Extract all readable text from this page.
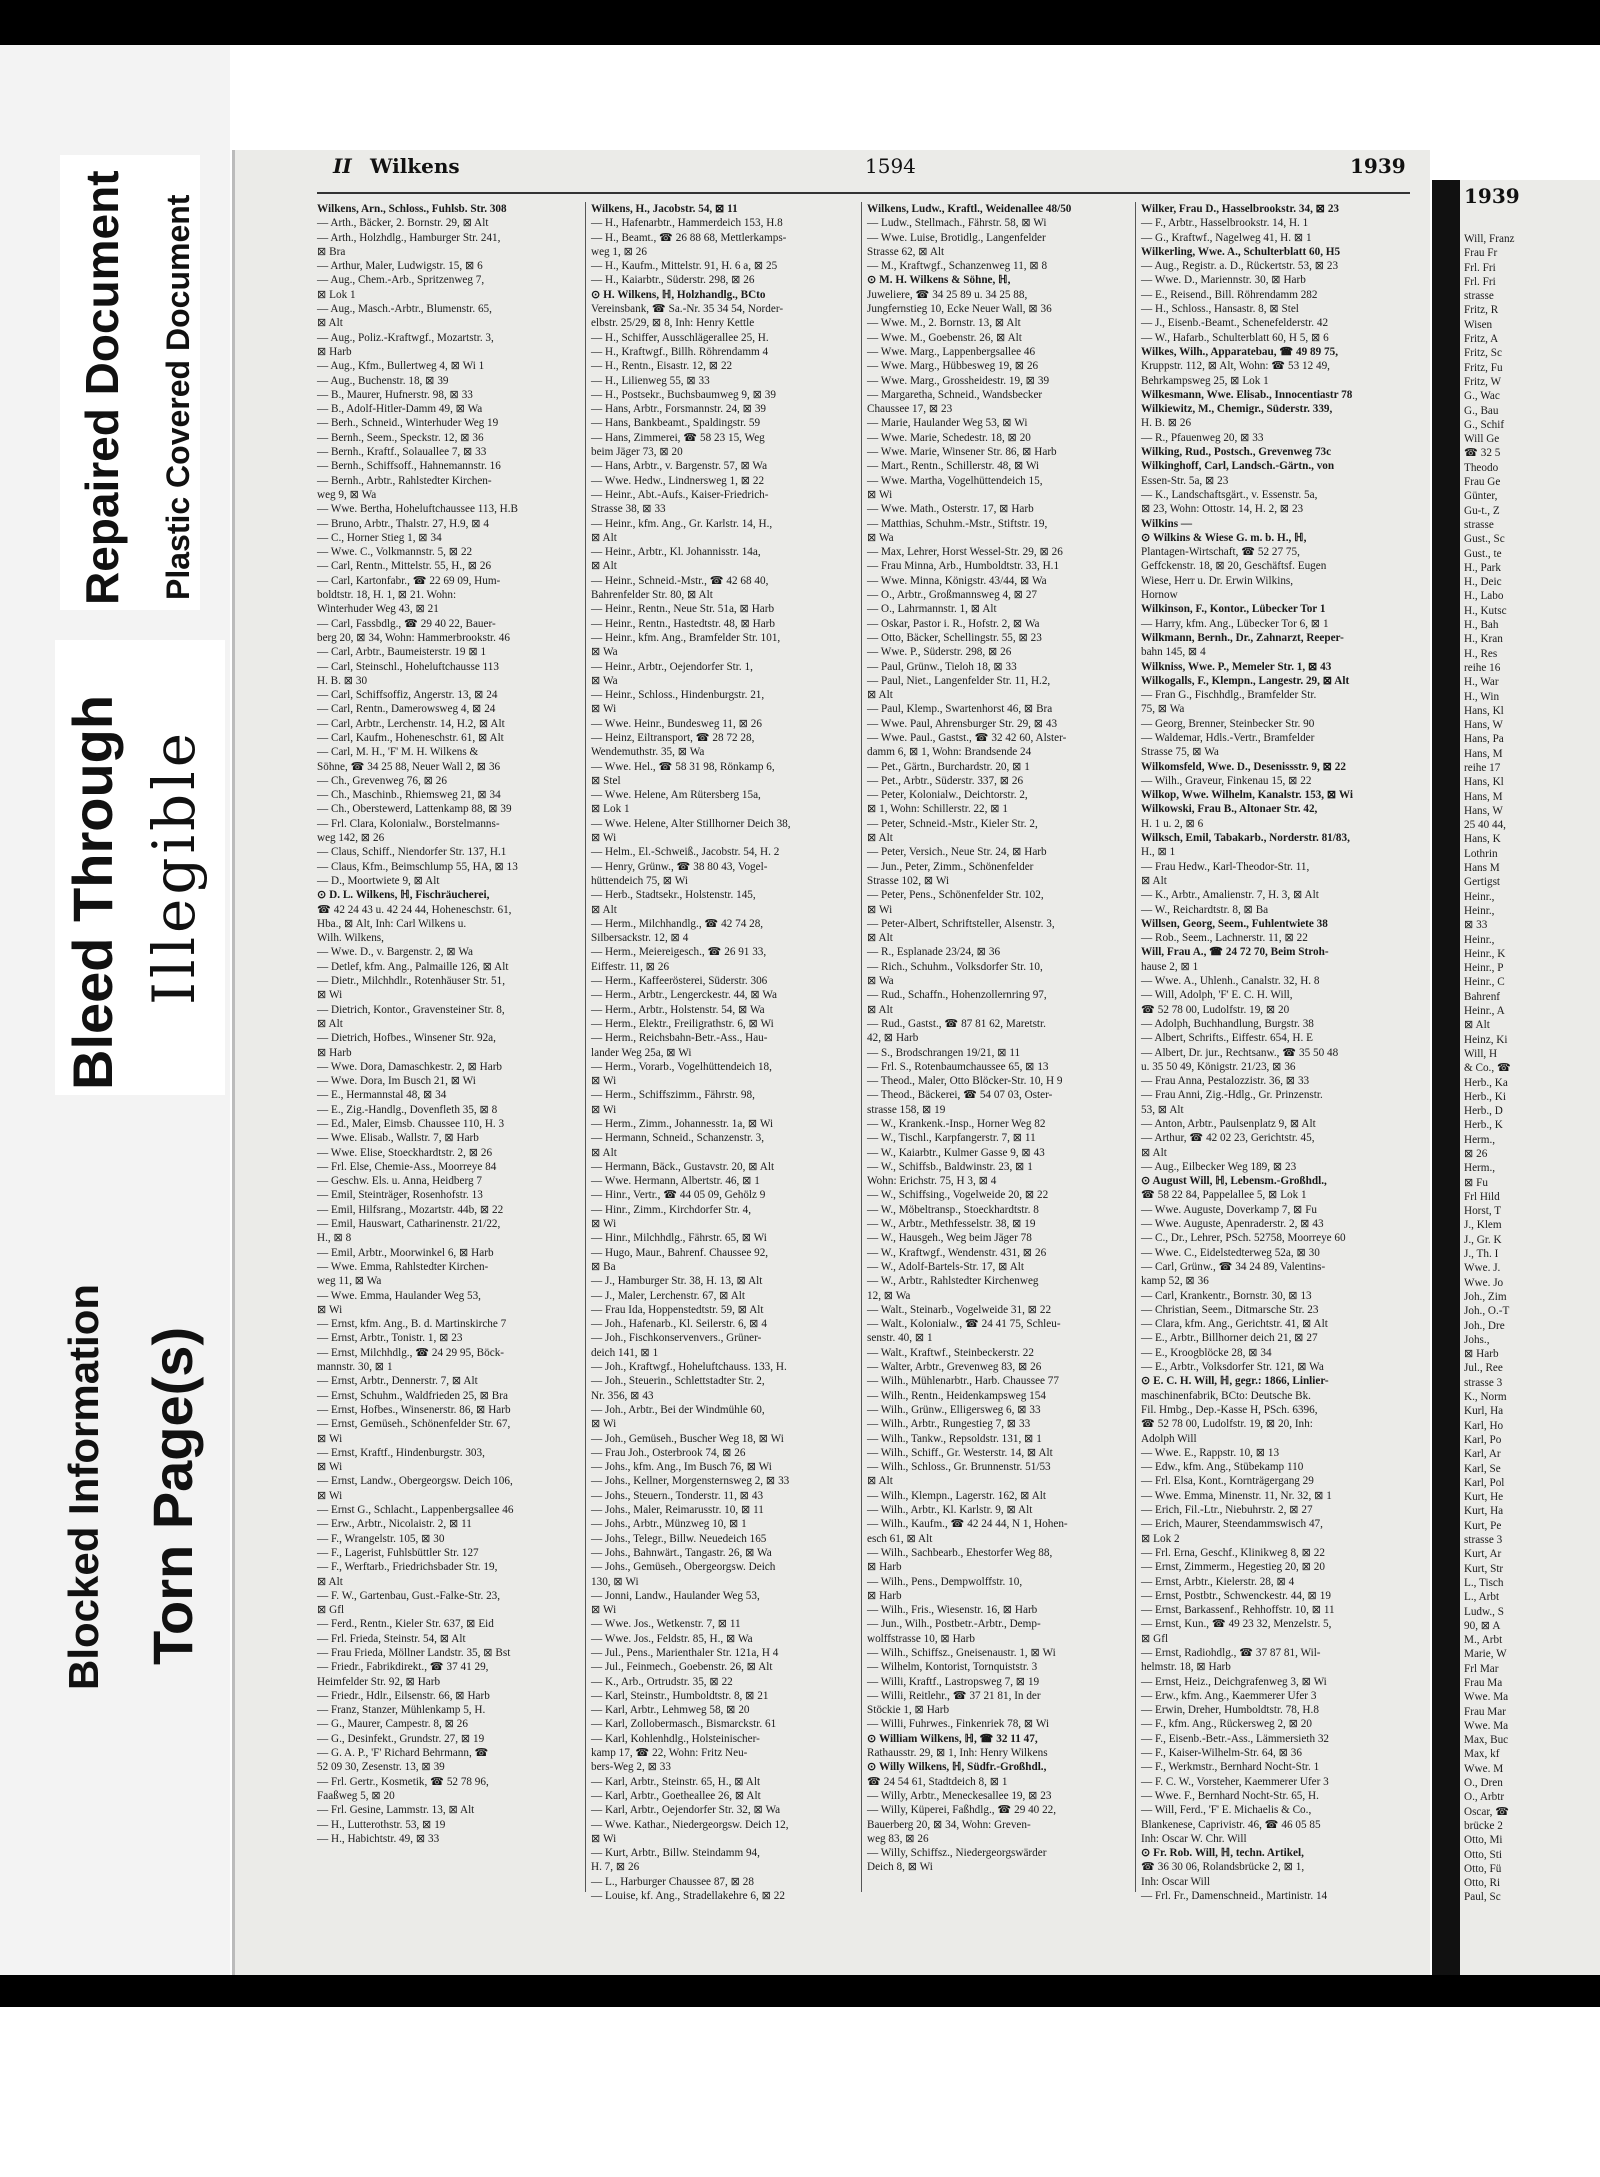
Repaired Document Plastic Covered Document
Bleed Through Illegible
Blocked Information Torn Page(s)
II Wilkens	1594	1939
Wilkens, Arn., Schloss., Fuhlsb. Str. 308
— Arth., Bäcker, 2. Bornstr. 29, ⊠ Alt
— Arth., Holzhdlg., Hamburger Str. 241,
⊠ Bra
— Arthur, Maler, Ludwigstr. 15, ⊠ 6
— Aug., Chem.-Arb., Spritzenweg 7,
⊠ Lok 1
— Aug., Masch.-Arbtr., Blumenstr. 65,
⊠ Alt
— Aug., Poliz.-Kraftwgf., Mozartstr. 3,
⊠ Harb
— Aug., Kfm., Bullertweg 4, ⊠ Wi 1
— Aug., Buchenstr. 18, ⊠ 39
— B., Maurer, Hufnerstr. 98, ⊠ 33
— B., Adolf-Hitler-Damm 49, ⊠ Wa
— Berh., Schneid., Winterhuder Weg 19
— Bernh., Seem., Speckstr. 12, ⊠ 36
— Bernh., Kraftf., Solauallee 7, ⊠ 33
— Bernh., Schiffsoff., Hahnemannstr. 16
— Bernh., Arbtr., Rahlstedter Kirchen-
weg 9, ⊠ Wa
— Wwe. Bertha, Hoheluftchaussee 113, H.B
— Bruno, Arbtr., Thalstr. 27, H.9, ⊠ 4
— C., Horner Stieg 1, ⊠ 34
— Wwe. C., Volkmannstr. 5, ⊠ 22
— Carl, Rentn., Mittelstr. 55, H., ⊠ 26
— Carl, Kartonfabr., ☎ 22 69 09, Hum-
boldtstr. 18, H. 1, ⊠ 21. Wohn:
Winterhuder Weg 43, ⊠ 21
— Carl, Fassbdlg., ☎ 29 40 22, Bauer-
berg 20, ⊠ 34, Wohn: Hammerbrookstr. 46
— Carl, Arbtr., Baumeisterstr. 19 ⊠ 1
— Carl, Steinschl., Hoheluftchausse 113
H. B. ⊠ 30
— Carl, Schiffsoffiz, Angerstr. 13, ⊠ 24
— Carl, Rentn., Damerowsweg 4, ⊠ 24
— Carl, Arbtr., Lerchenstr. 14, H.2, ⊠ Alt
— Carl, Kaufm., Hoheneschstr. 61, ⊠ Alt
— Carl, M. H., 'F' M. H. Wilkens &
Söhne, ☎ 34 25 88, Neuer Wall 2, ⊠ 36
— Ch., Grevenweg 76, ⊠ 26
— Ch., Maschinb., Rhiemsweg 21, ⊠ 34
— Ch., Oberstewerd, Lattenkamp 88, ⊠ 39
— Frl. Clara, Kolonialw., Borstelmanns-
weg 142, ⊠ 26
— Claus, Schiff., Niendorfer Str. 137, H.1
— Claus, Kfm., Beimschlump 55, HA, ⊠ 13
— D., Moortwiete 9, ⊠ Alt
⊙ D. L. Wilkens, ℍ, Fischräucherei,
☎ 42 24 43 u. 42 24 44, Hoheneschstr. 61,
Hba., ⊠ Alt, Inh: Carl Wilkens u.
Wilh. Wilkens,
— Wwe. D., v. Bargenstr. 2, ⊠ Wa
— Detlef, kfm. Ang., Palmaille 126, ⊠ Alt
— Dietr., Milchhdlr., Rotenhäuser Str. 51,
⊠ Wi
— Dietrich, Kontor., Gravensteiner Str. 8,
⊠ Alt
— Dietrich, Hofbes., Winsener Str. 92a,
⊠ Harb
— Wwe. Dora, Damaschkestr. 2, ⊠ Harb
— Wwe. Dora, Im Busch 21, ⊠ Wi
— E., Hermannstal 48, ⊠ 34
— E., Zig.-Handlg., Dovenfleth 35, ⊠ 8
— Ed., Maler, Eimsb. Chaussee 110, H. 3
— Wwe. Elisab., Wallstr. 7, ⊠ Harb
— Wwe. Elise, Stoeckhardtstr. 2, ⊠ 26
— Frl. Else, Chemie-Ass., Moorreye 84
— Geschw. Els. u. Anna, Heidberg 7
— Emil, Steinträger, Rosenhofstr. 13
— Emil, Hilfsrang., Mozartstr. 44b, ⊠ 22
— Emil, Hauswart, Catharinenstr. 21/22,
H., ⊠ 8
— Emil, Arbtr., Moorwinkel 6, ⊠ Harb
— Wwe. Emma, Rahlstedter Kirchen-
weg 11, ⊠ Wa
— Wwe. Emma, Haulander Weg 53,
⊠ Wi
— Ernst, kfm. Ang., B. d. Martinskirche 7
— Ernst, Arbtr., Tonistr. 1, ⊠ 23
— Ernst, Milchhdlg., ☎ 24 29 95, Böck-
mannstr. 30, ⊠ 1
— Ernst, Arbtr., Dennerstr. 7, ⊠ Alt
— Ernst, Schuhm., Waldfrieden 25, ⊠ Bra
— Ernst, Hofbes., Winsenerstr. 86, ⊠ Harb
— Ernst, Gemüseh., Schönenfelder Str. 67,
⊠ Wi
— Ernst, Kraftf., Hindenburgstr. 303,
⊠ Wi
— Ernst, Landw., Obergeorgsw. Deich 106,
⊠ Wi
— Ernst G., Schlacht., Lappenbergsallee 46
— Erw., Arbtr., Nicolaistr. 2, ⊠ 11
— F., Wrangelstr. 105, ⊠ 30
— F., Lagerist, Fuhlsbüttler Str. 127
— F., Werftarb., Friedrichsbader Str. 19,
⊠ Alt
— F. W., Gartenbau, Gust.-Falke-Str. 23,
⊠ Gfl
— Ferd., Rentn., Kieler Str. 637, ⊠ Eid
— Frl. Frieda, Steinstr. 54, ⊠ Alt
— Frau Frieda, Möllner Landstr. 35, ⊠ Bst
— Friedr., Fabrikdirekt., ☎ 37 41 29,
Heimfelder Str. 92, ⊠ Harb
— Friedr., Hdlr., Eilsenstr. 66, ⊠ Harb
— Franz, Stanzer, Mühlenkamp 5, H.
— G., Maurer, Campestr. 8, ⊠ 26
— G., Desinfekt., Grundstr. 27, ⊠ 19
— G. A. P., 'F' Richard Behrmann, ☎
52 09 30, Zesenstr. 13, ⊠ 39
— Frl. Gertr., Kosmetik, ☎ 52 78 96,
Faaßweg 5, ⊠ 20
— Frl. Gesine, Lammstr. 13, ⊠ Alt
— H., Lutterothstr. 53, ⊠ 19
— H., Habichtstr. 49, ⊠ 33
Wilkens, H., Jacobstr. 54, ⊠ 11
— H., Hafenarbtr., Hammerdeich 153, H.8
— H., Beamt., ☎ 26 88 68, Mettlerkamps-
weg 1, ⊠ 26
— H., Kaufm., Mittelstr. 91, H. 6 a, ⊠ 25
— H., Kaiarbtr., Süderstr. 298, ⊠ 26
⊙ H. Wilkens, ℍ, Holzhandlg., BCto
Vereinsbank, ☎ Sa.-Nr. 35 34 54, Norder-
elbstr. 25/29, ⊠ 8, Inh: Henry Kettle
— H., Schiffer, Ausschlägerallee 25, H.
— H., Kraftwgf., Billh. Röhrendamm 4
— H., Rentn., Eisastr. 12, ⊠ 22
— H., Lilienweg 55, ⊠ 33
— H., Postsekr., Buchsbaumweg 9, ⊠ 39
— Hans, Arbtr., Forsmannstr. 24, ⊠ 39
— Hans, Bankbeamt., Spaldingstr. 59
— Hans, Zimmerei, ☎ 58 23 15, Weg
beim Jäger 73, ⊠ 20
— Hans, Arbtr., v. Bargenstr. 57, ⊠ Wa
— Wwe. Hedw., Lindnersweg 1, ⊠ 22
— Heinr., Abt.-Aufs., Kaiser-Friedrich-
Strasse 38, ⊠ 33
— Heinr., kfm. Ang., Gr. Karlstr. 14, H.,
⊠ Alt
— Heinr., Arbtr., Kl. Johannisstr. 14a,
⊠ Alt
— Heinr., Schneid.-Mstr., ☎ 42 68 40,
Bahrenfelder Str. 80, ⊠ Alt
— Heinr., Rentn., Neue Str. 51a, ⊠ Harb
— Heinr., Rentn., Hastedtstr. 48, ⊠ Harb
— Heinr., kfm. Ang., Bramfelder Str. 101,
⊠ Wa
— Heinr., Arbtr., Oejendorfer Str. 1,
⊠ Wa
— Heinr., Schloss., Hindenburgstr. 21,
⊠ Wi
— Wwe. Heinr., Bundesweg 11, ⊠ 26
— Heinz, Eiltransport, ☎ 28 72 28,
Wendemuthstr. 35, ⊠ Wa
— Wwe. Hel., ☎ 58 31 98, Rönkamp 6,
⊠ Stel
— Wwe. Helene, Am Rütersberg 15a,
⊠ Lok 1
— Wwe. Helene, Alter Stillhorner Deich 38,
⊠ Wi
— Helm., El.-Schweiß., Jacobstr. 54, H. 2
— Henry, Grünw., ☎ 38 80 43, Vogel-
hüttendeich 75, ⊠ Wi
— Herb., Stadtsekr., Holstenstr. 145,
⊠ Alt
— Herm., Milchhandlg., ☎ 42 74 28,
Silbersackstr. 12, ⊠ 4
— Herm., Meiereigesch., ☎ 26 91 33,
Eiffestr. 11, ⊠ 26
— Herm., Kaffeerösterei, Süderstr. 306
— Herm., Arbtr., Lengerckestr. 44, ⊠ Wa
— Herm., Arbtr., Holstenstr. 54, ⊠ Wa
— Herm., Elektr., Freiligrathstr. 6, ⊠ Wi
— Herm., Reichsbahn-Betr.-Ass., Hau-
lander Weg 25a, ⊠ Wi
— Herm., Vorarb., Vogelhüttendeich 18,
⊠ Wi
— Herm., Schiffszimm., Fährstr. 98,
⊠ Wi
— Herm., Zimm., Johannesstr. 1a, ⊠ Wi
— Hermann, Schneid., Schanzenstr. 3,
⊠ Alt
— Hermann, Bäck., Gustavstr. 20, ⊠ Alt
— Wwe. Hermann, Albertstr. 46, ⊠ 1
— Hinr., Vertr., ☎ 44 05 09, Gehölz 9
— Hinr., Zimm., Kirchdorfer Str. 4,
⊠ Wi
— Hinr., Milchhdlg., Fährstr. 65, ⊠ Wi
— Hugo, Maur., Bahrenf. Chaussee 92,
⊠ Ba
— J., Hamburger Str. 38, H. 13, ⊠ Alt
— J., Maler, Lerchenstr. 67, ⊠ Alt
— Frau Ida, Hoppenstedtstr. 59, ⊠ Alt
— Joh., Hafenarb., Kl. Seilerstr. 6, ⊠ 4
— Joh., Fischkonservenvers., Grüner-
deich 141, ⊠ 1
— Joh., Kraftwgf., Hoheluftchauss. 133, H.
— Joh., Steuerin., Schlettstadter Str. 2,
Nr. 356, ⊠ 43
— Joh., Arbtr., Bei der Windmühle 60,
⊠ Wi
— Joh., Gemüseh., Buscher Weg 18, ⊠ Wi
— Frau Joh., Osterbrook 74, ⊠ 26
— Johs., kfm. Ang., Im Busch 76, ⊠ Wi
— Johs., Kellner, Morgensternsweg 2, ⊠ 33
— Johs., Steuern., Tonderstr. 11, ⊠ 43
— Johs., Maler, Reimarusstr. 10, ⊠ 11
— Johs., Arbtr., Münzweg 10, ⊠ 1
— Johs., Telegr., Billw. Neuedeich 165
— Johs., Bahnwärt., Tangastr. 26, ⊠ Wa
— Johs., Gemüseh., Obergeorgsw. Deich
130, ⊠ Wi
— Jonni, Landw., Haulander Weg 53,
⊠ Wi
— Wwe. Jos., Wetkenstr. 7, ⊠ 11
— Wwe. Jos., Feldstr. 85, H., ⊠ Wa
— Jul., Pens., Marienthaler Str. 121a, H 4
— Jul., Feinmech., Goebenstr. 26, ⊠ Alt
— K., Arb., Ortrudstr. 35, ⊠ 22
— Karl, Steinstr., Humboldtstr. 8, ⊠ 21
— Karl, Arbtr., Lehmweg 58, ⊠ 20
— Karl, Zollobermasch., Bismarckstr. 61
— Karl, Kohlenhdlg., Holsteinischer-
kamp 17, ☎ 22, Wohn: Fritz Neu-
bers-Weg 2, ⊠ 33
— Karl, Arbtr., Steinstr. 65, H., ⊠ Alt
— Karl, Arbtr., Goetheallee 26, ⊠ Alt
— Karl, Arbtr., Oejendorfer Str. 32, ⊠ Wa
— Wwe. Kathar., Niedergeorgsw. Deich 12,
⊠ Wi
— Kurt, Arbtr., Billw. Steindamm 94,
H. 7, ⊠ 26
— L., Harburger Chaussee 87, ⊠ 28
— Louise, kf. Ang., Stradellakehre 6, ⊠ 22
Wilkens, Ludw., Kraftl., Weidenallee 48/50
— Ludw., Stellmach., Fährstr. 58, ⊠ Wi
— Wwe. Luise, Brotidlg., Langenfelder
Strasse 62, ⊠ Alt
— M., Kraftwgf., Schanzenweg 11, ⊠ 8
⊙ M. H. Wilkens & Söhne, ℍ,
Juweliere, ☎ 34 25 89 u. 34 25 88,
Jungfernstieg 10, Ecke Neuer Wall, ⊠ 36
— Wwe. M., 2. Bornstr. 13, ⊠ Alt
— Wwe. M., Goebenstr. 26, ⊠ Alt
— Wwe. Marg., Lappenbergsallee 46
— Wwe. Marg., Hübbesweg 19, ⊠ 26
— Wwe. Marg., Grossheidestr. 19, ⊠ 39
— Margaretha, Schneid., Wandsbecker
Chaussee 17, ⊠ 23
— Marie, Haulander Weg 53, ⊠ Wi
— Wwe. Marie, Schedestr. 18, ⊠ 20
— Wwe. Marie, Winsener Str. 86, ⊠ Harb
— Mart., Rentn., Schillerstr. 48, ⊠ Wi
— Wwe. Martha, Vogelhüttendeich 15,
⊠ Wi
— Wwe. Math., Osterstr. 17, ⊠ Harb
— Matthias, Schuhm.-Mstr., Stiftstr. 19,
⊠ Wa
— Max, Lehrer, Horst Wessel-Str. 29, ⊠ 26
— Frau Minna, Arb., Humboldtstr. 33, H.1
— Wwe. Minna, Königstr. 43/44, ⊠ Wa
— O., Arbtr., Großmannsweg 4, ⊠ 27
— O., Lahrmannstr. 1, ⊠ Alt
— Oskar, Pastor i. R., Hofstr. 2, ⊠ Wa
— Otto, Bäcker, Schellingstr. 55, ⊠ 23
— Wwe. P., Süderstr. 298, ⊠ 26
— Paul, Grünw., Tieloh 18, ⊠ 33
— Paul, Niet., Langenfelder Str. 11, H.2,
⊠ Alt
— Paul, Klemp., Swartenhorst 46, ⊠ Bra
— Wwe. Paul, Ahrensburger Str. 29, ⊠ 43
— Wwe. Paul., Gastst., ☎ 32 42 60, Alster-
damm 6, ⊠ 1, Wohn: Brandsende 24
— Pet., Gärtn., Burchardstr. 20, ⊠ 1
— Pet., Arbtr., Süderstr. 337, ⊠ 26
— Peter, Kolonialw., Deichtorstr. 2,
⊠ 1, Wohn: Schillerstr. 22, ⊠ 1
— Peter, Schneid.-Mstr., Kieler Str. 2,
⊠ Alt
— Peter, Versich., Neue Str. 24, ⊠ Harb
— Jun., Peter, Zimm., Schönenfelder
Strasse 102, ⊠ Wi
— Peter, Pens., Schönenfelder Str. 102,
⊠ Wi
— Peter-Albert, Schriftsteller, Alsenstr. 3,
⊠ Alt
— R., Esplanade 23/24, ⊠ 36
— Rich., Schuhm., Volksdorfer Str. 10,
⊠ Wa
— Rud., Schaffn., Hohenzollernring 97,
⊠ Alt
— Rud., Gastst., ☎ 87 81 62, Maretstr.
42, ⊠ Harb
— S., Brodschrangen 19/21, ⊠ 11
— Frl. S., Rotenbaumchaussee 65, ⊠ 13
— Theod., Maler, Otto Blöcker-Str. 10, H 9
— Theod., Bäckerei, ☎ 54 07 03, Oster-
strasse 158, ⊠ 19
— W., Krankenk.-Insp., Horner Weg 82
— W., Tischl., Karpfangerstr. 7, ⊠ 11
— W., Kaiarbtr., Kulmer Gasse 9, ⊠ 43
— W., Schiffsb., Baldwinstr. 23, ⊠ 1
Wohn: Erichstr. 75, H 3, ⊠ 4
— W., Schiffsing., Vogelweide 20, ⊠ 22
— W., Möbeltransp., Stoeckhardtstr. 8
— W., Arbtr., Methfesselstr. 38, ⊠ 19
— W., Hausgeh., Weg beim Jäger 78
— W., Kraftwgf., Wendenstr. 431, ⊠ 26
— W., Adolf-Bartels-Str. 17, ⊠ Alt
— W., Arbtr., Rahlstedter Kirchenweg
12, ⊠ Wa
— Walt., Steinarb., Vogelweide 31, ⊠ 22
— Walt., Kolonialw., ☎ 24 41 75, Schleu-
senstr. 40, ⊠ 1
— Walt., Kraftwf., Steinbeckerstr. 22
— Walter, Arbtr., Grevenweg 83, ⊠ 26
— Wilh., Mühlenarbtr., Harb. Chaussee 77
— Wilh., Rentn., Heidenkampsweg 154
— Wilh., Grünw., Elligersweg 6, ⊠ 33
— Wilh., Arbtr., Rungestieg 7, ⊠ 33
— Wilh., Tankw., Repsoldstr. 131, ⊠ 1
— Wilh., Schiff., Gr. Westerstr. 14, ⊠ Alt
— Wilh., Schloss., Gr. Brunnenstr. 51/53
⊠ Alt
— Wilh., Klempn., Lagerstr. 162, ⊠ Alt
— Wilh., Arbtr., Kl. Karlstr. 9, ⊠ Alt
— Wilh., Kaufm., ☎ 42 24 44, N 1, Hohen-
esch 61, ⊠ Alt
— Wilh., Sachbearb., Ehestorfer Weg 88,
⊠ Harb
— Wilh., Pens., Dempwolffstr. 10,
⊠ Harb
— Wilh., Fris., Wiesenstr. 16, ⊠ Harb
— Jun., Wilh., Postbetr.-Arbtr., Demp-
wolffstrasse 10, ⊠ Harb
— Wilh., Schiffsz., Gneisenaustr. 1, ⊠ Wi
— Wilhelm, Kontorist, Tornquiststr. 3
— Willi, Kraftf., Lastropsweg 7, ⊠ 19
— Willi, Reitlehr., ☎ 37 21 81, In der
Stöckie 1, ⊠ Harb
— Willi, Fuhrwes., Finkenriek 78, ⊠ Wi
⊙ William Wilkens, ℍ, ☎ 32 11 47,
Rathausstr. 29, ⊠ 1, Inh: Henry Wilkens
⊙ Willy Wilkens, ℍ, Südfr.-Großhdl.,
☎ 24 54 61, Stadtdeich 8, ⊠ 1
— Willy, Arbtr., Meneckesallee 19, ⊠ 23
— Willy, Küperei, Faßhdlg., ☎ 29 40 22,
Bauerberg 20, ⊠ 34, Wohn: Greven-
weg 83, ⊠ 26
— Willy, Schiffsz., Niedergeorgswärder
Deich 8, ⊠ Wi
Wilker, Frau D., Hasselbrookstr. 34, ⊠ 23
— F., Arbtr., Hasselbrookstr. 14, H. 1
— G., Kraftwf., Nagelweg 41, H. ⊠ 1
Wilkerling, Wwe. A., Schulterblatt 60, H5
— Aug., Registr. a. D., Rückertstr. 53, ⊠ 23
— Wwe. D., Mariennstr. 30, ⊠ Harb
— E., Reisend., Bill. Röhrendamm 282
— H., Schloss., Hansastr. 8, ⊠ Stel
— J., Eisenb.-Beamt., Schenefelderstr. 42
— W., Hafarb., Schulterblatt 60, H 5, ⊠ 6
Wilkes, Wilh., Apparatebau, ☎ 49 89 75,
Kruppstr. 112, ⊠ Alt, Wohn: ☎ 53 12 49,
Behrkampsweg 25, ⊠ Lok 1
Wilkesmann, Wwe. Elisab., Innocentiastr 78
Wilkiewitz, M., Chemigr., Süderstr. 339,
H. B. ⊠ 26
— R., Pfauenweg 20, ⊠ 33
Wilking, Rud., Postsch., Grevenweg 73c
Wilkinghoff, Carl, Landsch.-Gärtn., von
Essen-Str. 5a, ⊠ 23
— K., Landschaftsgärt., v. Essenstr. 5a,
⊠ 23, Wohn: Ottostr. 14, H. 2, ⊠ 23
Wilkins —
⊙ Wilkins & Wiese G. m. b. H., ℍ,
Plantagen-Wirtschaft, ☎ 52 27 75,
Geffckenstr. 18, ⊠ 20, Geschäftsf. Eugen
Wiese, Herr u. Dr. Erwin Wilkins,
Hornow
Wilkinson, F., Kontor., Lübecker Tor 1
— Harry, kfm. Ang., Lübecker Tor 6, ⊠ 1
Wilkmann, Bernh., Dr., Zahnarzt, Reeper-
bahn 145, ⊠ 4
Wilkniss, Wwe. P., Memeler Str. 1, ⊠ 43
Wilkogalls, F., Klempn., Langestr. 29, ⊠ Alt
— Fran G., Fischhdlg., Bramfelder Str.
75, ⊠ Wa
— Georg, Brenner, Steinbecker Str. 90
— Waldemar, Hdls.-Vertr., Bramfelder
Strasse 75, ⊠ Wa
Wilkomsfeld, Wwe. D., Desenissstr. 9, ⊠ 22
— Wilh., Graveur, Finkenau 15, ⊠ 22
Wilkop, Wwe. Wilhelm, Kanalstr. 153, ⊠ Wi
Wilkowski, Frau B., Altonaer Str. 42,
H. 1 u. 2, ⊠ 6
Wilksch, Emil, Tabakarb., Norderstr. 81/83,
H., ⊠ 1
— Frau Hedw., Karl-Theodor-Str. 11,
⊠ Alt
— K., Arbtr., Amalienstr. 7, H. 3, ⊠ Alt
— W., Reichardtstr. 8, ⊠ Ba
Willsen, Georg, Seem., Fuhlentwiete 38
— Rob., Seem., Lachnerstr. 11, ⊠ 22
Will, Frau A., ☎ 24 72 70, Beim Stroh-
hause 2, ⊠ 1
— Wwe. A., Uhlenh., Canalstr. 32, H. 8
— Will, Adolph, 'F' E. C. H. Will,
☎ 52 78 00, Ludolfstr. 19, ⊠ 20
— Adolph, Buchhandlung, Burgstr. 38
— Albert, Schrifts., Eiffestr. 654, H. E
— Albert, Dr. jur., Rechtsanw., ☎ 35 50 48
u. 35 50 49, Königstr. 21/23, ⊠ 36
— Frau Anna, Pestalozzistr. 36, ⊠ 33
— Frau Anni, Zig.-Hdlg., Gr. Prinzenstr.
53, ⊠ Alt
— Anton, Arbtr., Paulsenplatz 9, ⊠ Alt
— Arthur, ☎ 42 02 23, Gerichtstr. 45,
⊠ Alt
— Aug., Eilbecker Weg 189, ⊠ 23
⊙ August Will, ℍ, Lebensm.-Großhdl.,
☎ 58 22 84, Pappelallee 5, ⊠ Lok 1
— Wwe. Auguste, Doverkamp 7, ⊠ Fu
— Wwe. Auguste, Apenraderstr. 2, ⊠ 43
— C., Dr., Lehrer, PSch. 52758, Moorreye 60
— Wwe. C., Eidelstedterweg 52a, ⊠ 30
— Carl, Grünw., ☎ 34 24 89, Valentins-
kamp 52, ⊠ 36
— Carl, Krankentr., Bornstr. 30, ⊠ 13
— Christian, Seem., Ditmarsche Str. 23
— Clara, kfm. Ang., Gerichtstr. 41, ⊠ Alt
— E., Arbtr., Billhorner deich 21, ⊠ 27
— E., Kroogblöcke 28, ⊠ 34
— E., Arbtr., Volksdorfer Str. 121, ⊠ Wa
⊙ E. C. H. Will, ℍ, gegr.: 1866, Linlier-
maschinenfabrik, BCto: Deutsche Bk.
Fil. Hmbg., Dep.-Kasse H, PSch. 6396,
☎ 52 78 00, Ludolfstr. 19, ⊠ 20, Inh:
Adolph Will
— Wwe. E., Rappstr. 10, ⊠ 13
— Edw., kfm. Ang., Stübekamp 110
— Frl. Elsa, Kont., Kornträgergang 29
— Wwe. Emma, Minenstr. 11, Nr. 32, ⊠ 1
— Erich, Fil.-Ltr., Niebuhrstr. 2, ⊠ 27
— Erich, Maurer, Steendammswisch 47,
⊠ Lok 2
— Frl. Erna, Geschf., Klinikweg 8, ⊠ 22
— Ernst, Zimmerm., Hegestieg 20, ⊠ 20
— Ernst, Arbtr., Kielerstr. 28, ⊠ 4
— Ernst, Postbtr., Schwenckestr. 44, ⊠ 19
— Ernst, Barkassenf., Rehhoffstr. 10, ⊠ 11
— Ernst, Kun., ☎ 49 23 32, Menzelstr. 5,
⊠ Gfl
— Ernst, Radiohdlg., ☎ 37 87 81, Wil-
helmstr. 18, ⊠ Harb
— Ernst, Heiz., Deichgrafenweg 3, ⊠ Wi
— Erw., kfm. Ang., Kaemmerer Ufer 3
— Erwin, Dreher, Humboldtstr. 78, H.8
— F., kfm. Ang., Rückersweg 2, ⊠ 20
— F., Eisenb.-Betr.-Ass., Lämmersieth 32
— F., Kaiser-Wilhelm-Str. 64, ⊠ 36
— F., Werkmstr., Bernhard Nocht-Str. 1
— F. C. W., Vorsteher, Kaemmerer Ufer 3
— Wwe. F., Bernhard Nocht-Str. 65, H.
— Will, Ferd., 'F' E. Michaelis & Co.,
Blankenese, Caprivistr. 46, ☎ 46 05 85
Inh: Oscar W. Chr. Will
⊙ Fr. Rob. Will, ℍ, techn. Artikel,
☎ 36 30 06, Rolandsbrücke 2, ⊠ 1,
Inh: Oscar Will
— Frl. Fr., Damenschneid., Martinistr. 14
1939
Will, Franz
Frau Fr
Frl. Fri
Frl. Fri
strasse
Fritz, R
Wisen
Fritz, A
Fritz, Sc
Fritz, Fu
Fritz, W
G., Wac
G., Bau
G., Schif
Will Ge
☎ 32 5
Theodo
Frau Ge
Günter,
Gu-t., Z
strasse
Gust., Sc
Gust., te
H., Park
H., Deic
H., Labo
H., Kutsc
H., Bah
H., Kran
H., Res
reihe 16
H., War
H., Win
Hans, Kl
Hans, W
Hans, Pa
Hans, M
reihe 17
Hans, Kl
Hans, M
Hans, W
25 40 44,
Hans, K
Lothrin
Hans M
Gertigst
Heinr.,
Heinr.,
⊠ 33
Heinr.,
Heinr., K
Heinr., P
Heinr., C
Bahrenf
Heinr., A
⊠ Alt
Heinz, Ki
Will, H
& Co., ☎
Herb., Ka
Herb., Ki
Herb., D
Herb., K
Herm.,
⊠ 26
Herm.,
⊠ Fu
Frl Hild
Horst, T
J., Klem
J., Gr. K
J., Th. I
Wwe. J.
Wwe. Jo
Joh., Zim
Joh., O.-T
Joh., Dre
Johs.,
⊠ Harb
Jul., Ree
strasse 3
K., Norm
Kurl, Ha
Karl, Ho
Karl, Po
Karl, Ar
Karl, Se
Karl, Pol
Kurt, He
Kurt, Ha
Kurt, Pe
strasse 3
Kurt, Ar
Kurt, Str
L., Tisch
L., Arbt
Ludw., S
90, ⊠ A
M., Arbt
Marie, W
Frl Mar
Frau Ma
Wwe. Ma
Frau Mar
Wwe. Ma
Max, Buc
Max, kf
Wwe. M
O., Dren
O., Arbtr
Oscar, ☎
brücke 2
Otto, Mi
Otto, Sti
Otto, Fü
Otto, Ri
Paul, Sc
